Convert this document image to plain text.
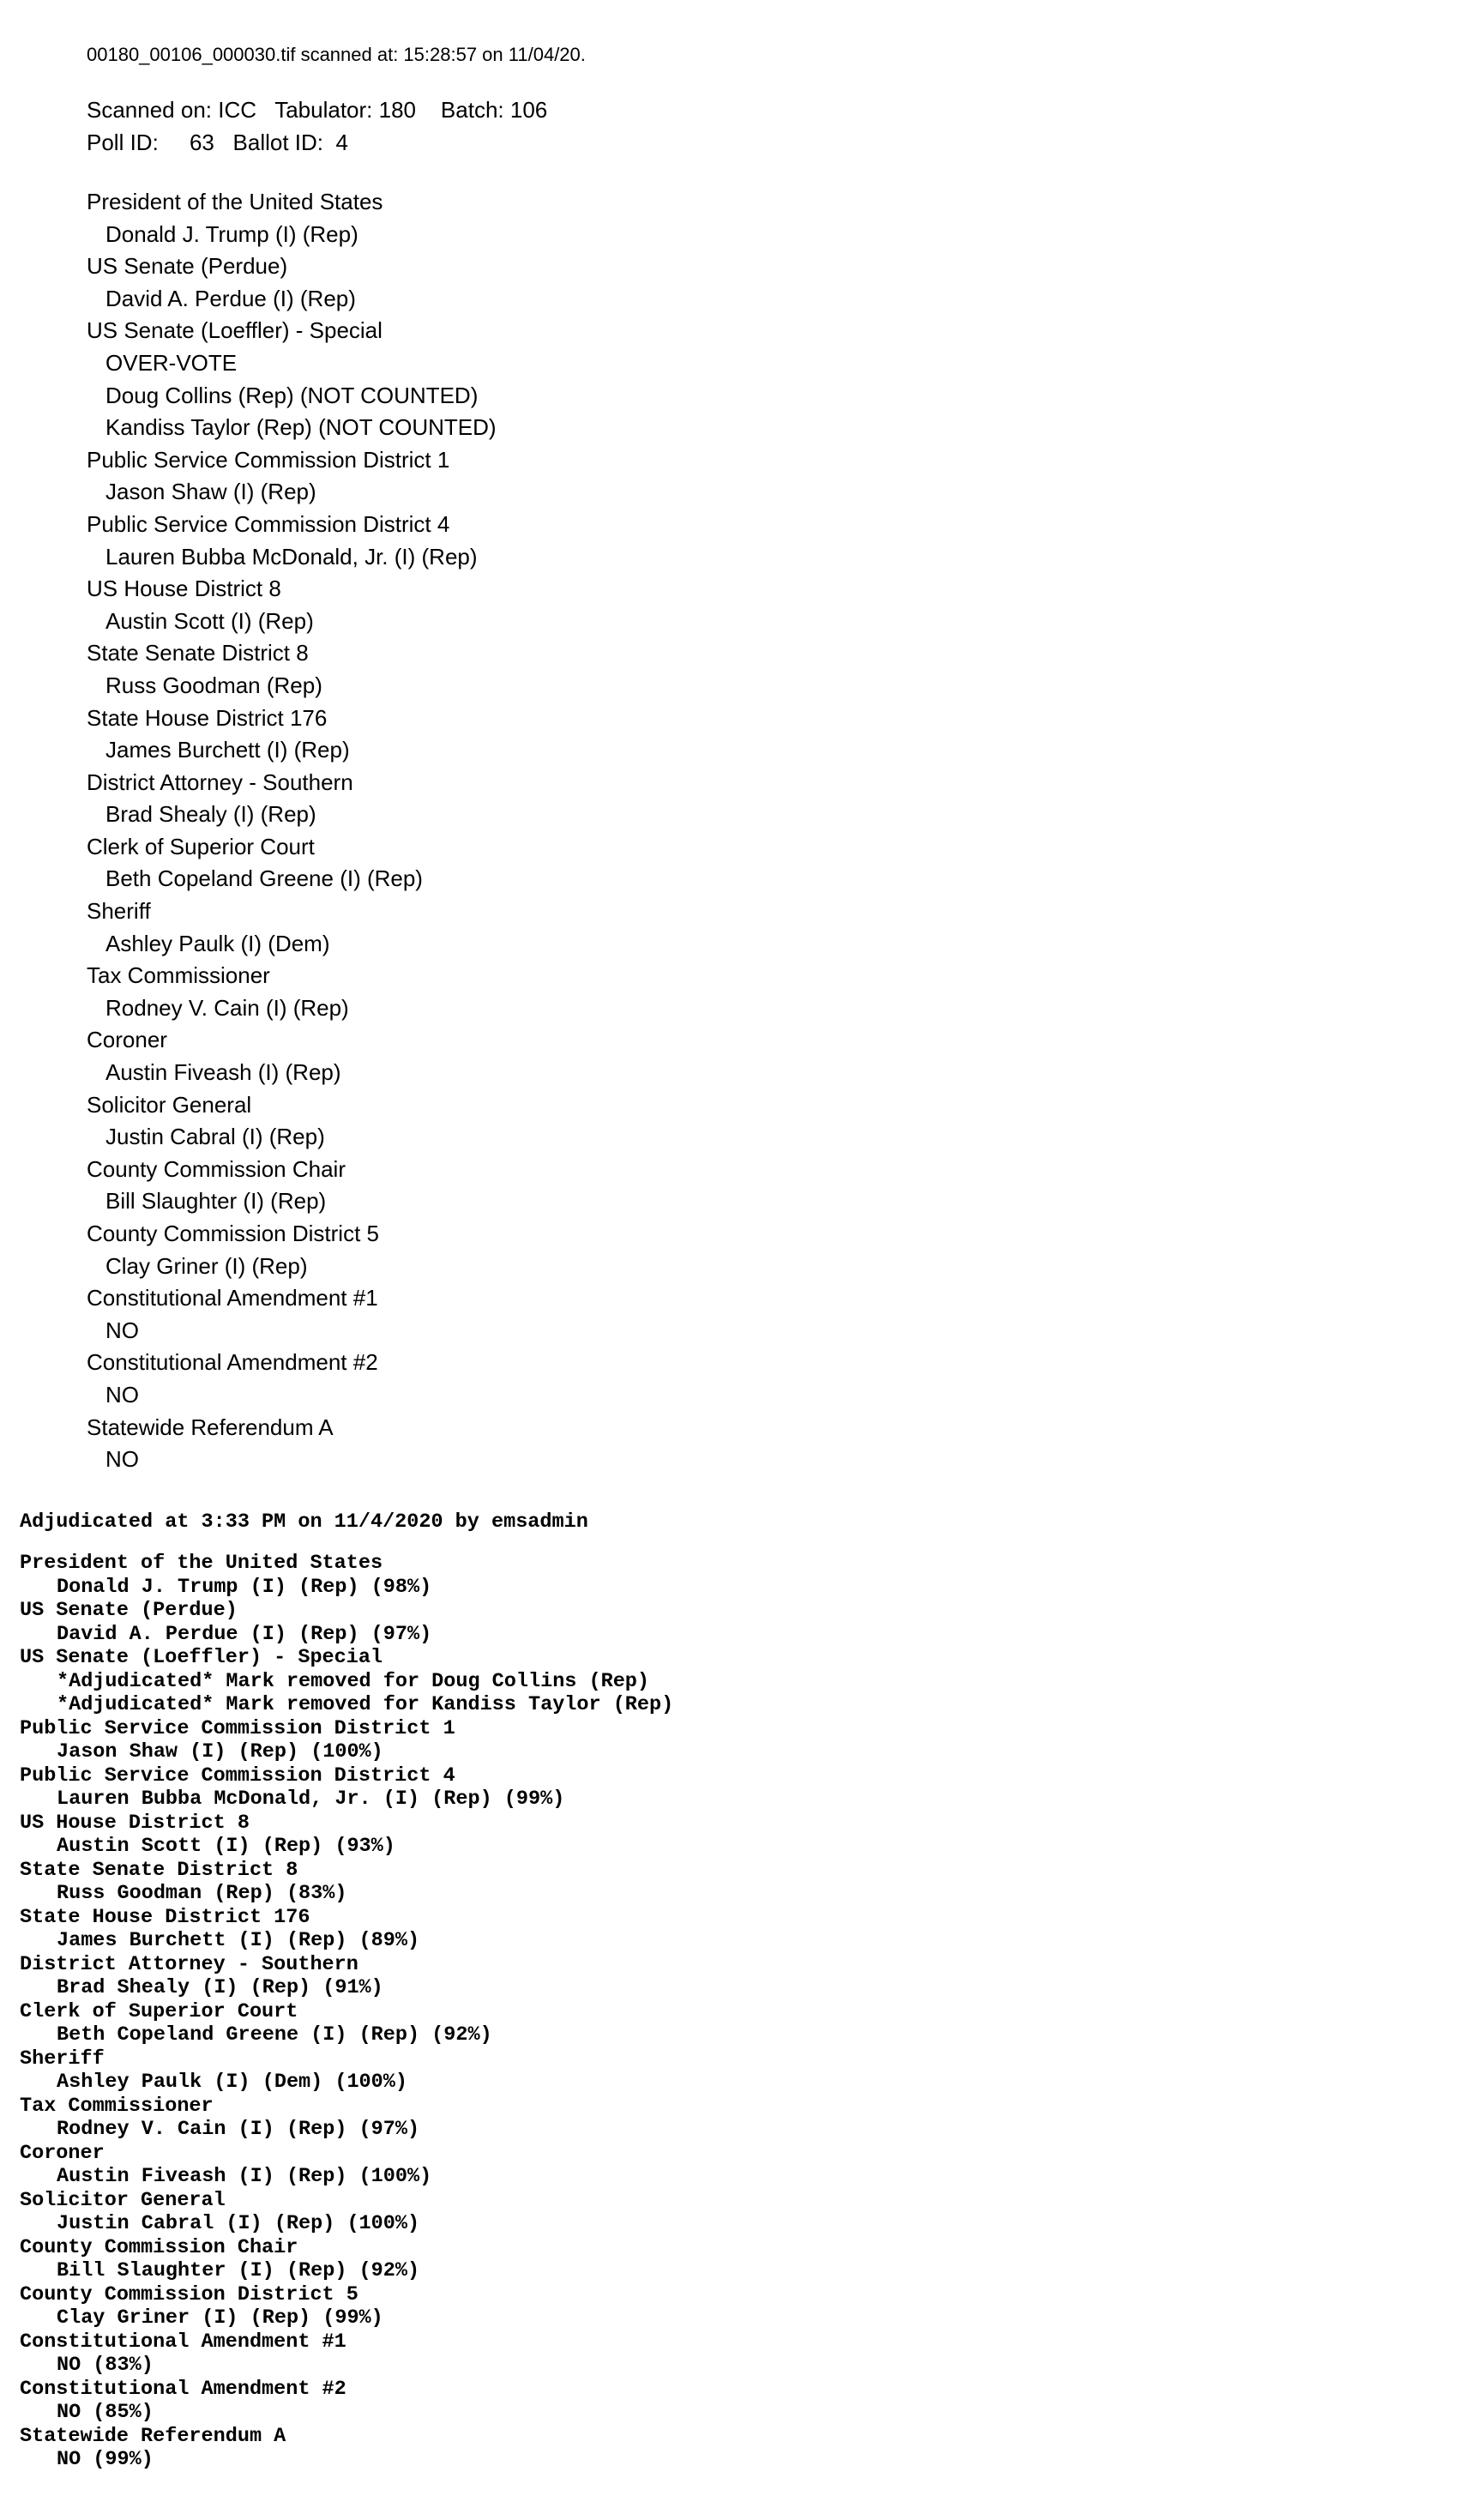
00180_00106_000030.tif scanned at: 15:28:57 on 11/04/20.

Scanned on: ICC Tabulator: 180 Batch: 106
Poll ID: 63 Ballot ID: 4
President of the United States
Donald J. Trump (I) (Rep)
US Senate (Perdue)
David A. Perdue (I) (Rep)
US Senate (Loeffler) - Special
OVER-VOTE
Doug Collins (Rep) (NOT COUNTED)
Kandiss Taylor (Rep) (NOT COUNTED)
Public Service Commission District 1
Jason Shaw (I) (Rep)
Public Service Commission District 4
Lauren Bubba McDonald, Jr. (I) (Rep)
US House District 8
Austin Scott (I) (Rep)
State Senate District 8
Russ Goodman (Rep)
State House District 176
James Burchett (I) (Rep)
District Attorney - Southern
Brad Shealy (I) (Rep)
Clerk of Superior Court
Beth Copeland Greene (I) (Rep)
Sheriff
Ashley Paulk (I) (Dem)
Tax Commissioner
Rodney V. Cain (I) (Rep)
Coroner
Austin Fiveash (I) (Rep)
Solicitor General
Justin Cabral (I) (Rep)
County Commission Chair
Bill Slaughter (I) (Rep)
County Commission District 5
Clay Griner (I) (Rep)
Constitutional Amendment #1
NO
Constitutional Amendment #2
NO
Statewide Referendum A
NO

Adjudicated at 3:33 PM on 11/4/2020 by emsadmin

President of the United States
Donald J. Trump (I) (Rep) (98%)
US Senate (Perdue)
David A. Perdue (I) (Rep) (97%)
US Senate (Loeffler) - Special
*Adjudicated* Mark removed for Doug Collins (Rep)
*Adjudicated* Mark removed for Kandiss Taylor (Rep)
Public Service Commission District 1
Jason Shaw (I) (Rep) (100%)
Public Service Commission District 4
Lauren Bubba McDonald, Jr. (I) (Rep) (99%)
US House District 8
Austin Scott (I) (Rep) (93%)
State Senate District 8
Russ Goodman (Rep) (83%)
State House District 176
James Burchett (I) (Rep) (89%)
District Attorney - Southern
Brad Shealy (I) (Rep) (91%)
Clerk of Superior Court
Beth Copeland Greene (I) (Rep) (92%)
Sheriff
Ashley Paulk (I) (Dem) (100%)
Tax Commissioner
Rodney V. Cain (I) (Rep) (97%)
Coroner
Austin Fiveash (I) (Rep) (100%)
Solicitor General
Justin Cabral (I) (Rep) (100%)
County Commission Chair
Bill Slaughter (I) (Rep) (92%)
County Commission District 5
Clay Griner (I) (Rep) (99%)
Constitutional Amendment #1
NO (83%)
Constitutional Amendment #2
NO (85%)
Statewide Referendum A
NO (99%)
